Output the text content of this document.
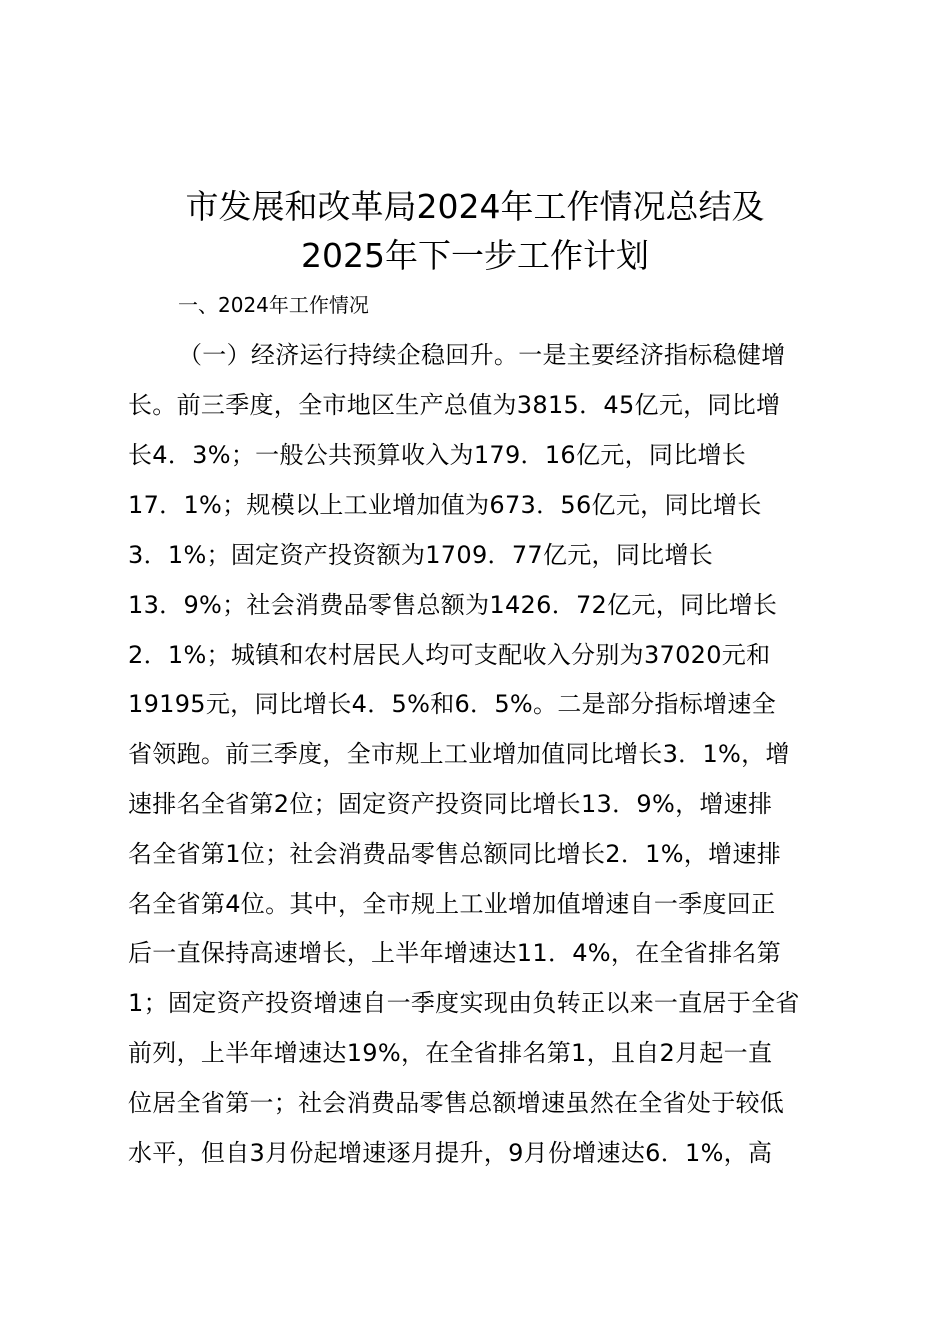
市发展和改革局2024年工作情况总结及
2025年下一步工作计划
一、2024年工作情况
（一）经济运行持续企稳回升。一是主要经济指标稳健增
长。前三季度，全市地区生产总值为3815．45亿元，同比增
长4．3%；一般公共预算收入为179．16亿元，同比增长
17．1%；规模以上工业增加值为673．56亿元，同比增长
3．1%；固定资产投资额为1709．77亿元，同比增长
13．9%；社会消费品零售总额为1426．72亿元，同比增长
2．1%；城镇和农村居民人均可支配收入分别为37020元和
19195元，同比增长4．5%和6．5%。二是部分指标增速全
省领跑。前三季度，全市规上工业增加值同比增长3．1%，增
速排名全省第2位；固定资产投资同比增长13．9%，增速排
名全省第1位；社会消费品零售总额同比增长2．1%，增速排
名全省第4位。其中，全市规上工业增加值增速自一季度回正
后一直保持高速增长，上半年增速达11．4%，在全省排名第
1；固定资产投资增速自一季度实现由负转正以来一直居于全省
前列，上半年增速达19%，在全省排名第1，且自2月起一直
位居全省第一；社会消费品零售总额增速虽然在全省处于较低
水平，但自3月份起增速逐月提升，9月份增速达6．1%，高
